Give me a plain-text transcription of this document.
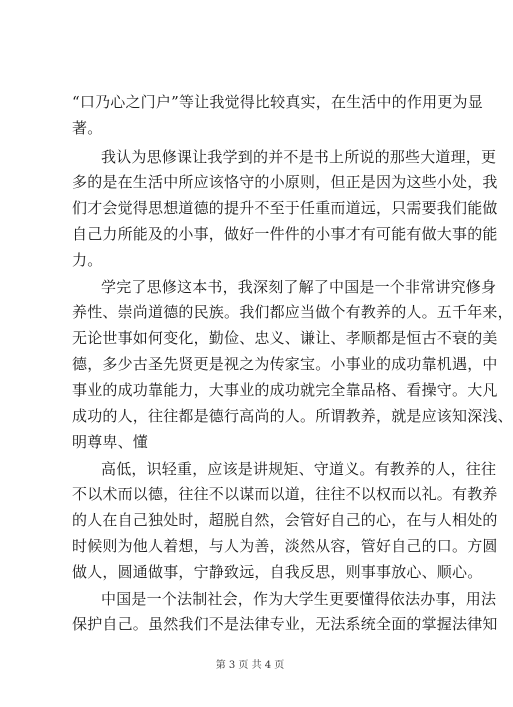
“口乃心之门户”等让我觉得比较真实，在生活中的作用更为显
著。
我认为思修课让我学到的并不是书上所说的那些大道理，更
多的是在生活中所应该恪守的小原则，但正是因为这些小处，我
们才会觉得思想道德的提升不至于任重而道远，只需要我们能做
自己力所能及的小事，做好一件件的小事才有可能有做大事的能
力。
学完了思修这本书，我深刻了解了中国是一个非常讲究修身
养性、崇尚道德的民族。我们都应当做个有教养的人。五千年来，
无论世事如何变化，勤俭、忠义、谦让、孝顺都是恒古不衰的美
德，多少古圣先贤更是视之为传家宝。小事业的成功靠机遇，中
事业的成功靠能力，大事业的成功就完全靠品格、看操守。大凡
成功的人，往往都是德行高尚的人。所谓教养，就是应该知深浅、
明尊卑、懂
高低，识轻重，应该是讲规矩、守道义。有教养的人，往往
不以术而以德，往往不以谋而以道，往往不以权而以礼。有教养
的人在自己独处时，超脱自然，会管好自己的心，在与人相处的
时候则为他人着想，与人为善，淡然从容，管好自己的口。方圆
做人，圆通做事，宁静致远，自我反思，则事事放心、顺心。
中国是一个法制社会，作为大学生更要懂得依法办事，用法
保护自己。虽然我们不是法律专业，无法系统全面的掌握法律知
第 3 页 共 4 页
